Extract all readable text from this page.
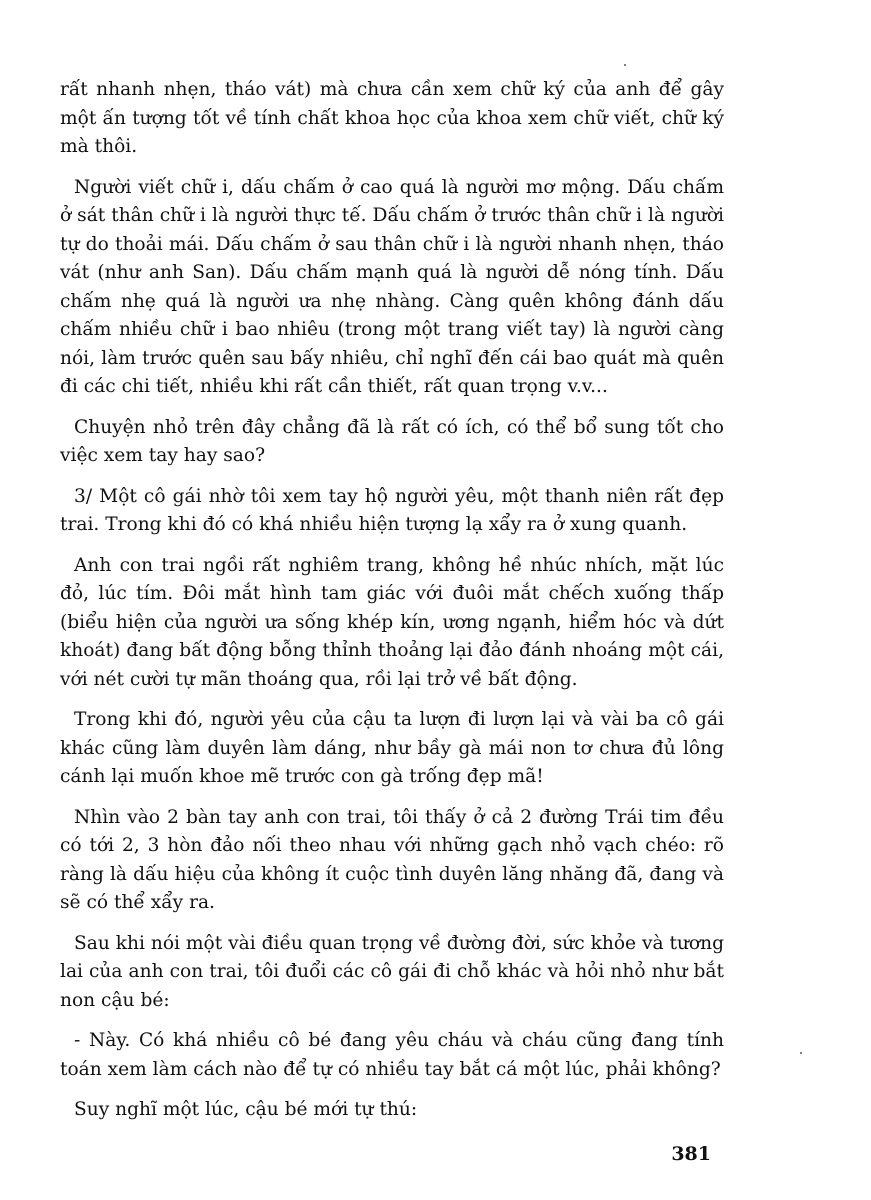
rất nhanh nhẹn, tháo vát) mà chưa cần xem chữ ký của anh để gây một ấn tượng tốt về tính chất khoa học của khoa xem chữ viết, chữ ký mà thôi.

Người viết chữ i, dấu chấm ở cao quá là người mơ mộng. Dấu chấm ở sát thân chữ i là người thực tế. Dấu chấm ở trước thân chữ i là người tự do thoải mái. Dấu chấm ở sau thân chữ i là người nhanh nhẹn, tháo vát (như anh San). Dấu chấm mạnh quá là người dễ nóng tính. Dấu chấm nhẹ quá là người ưa nhẹ nhàng. Càng quên không đánh dấu chấm nhiều chữ i bao nhiêu (trong một trang viết tay) là người càng nói, làm trước quên sau bấy nhiêu, chỉ nghĩ đến cái bao quát mà quên đi các chi tiết, nhiều khi rất cần thiết, rất quan trọng v.v...

Chuyện nhỏ trên đây chẳng đã là rất có ích, có thể bổ sung tốt cho việc xem tay hay sao?

3/ Một cô gái nhờ tôi xem tay hộ người yêu, một thanh niên rất đẹp trai. Trong khi đó có khá nhiều hiện tượng lạ xẩy ra ở xung quanh.

Anh con trai ngồi rất nghiêm trang, không hề nhúc nhích, mặt lúc đỏ, lúc tím. Đôi mắt hình tam giác với đuôi mắt chếch xuống thấp (biểu hiện của người ưa sống khép kín, ương ngạnh, hiểm hóc và dứt khoát) đang bất động bỗng thỉnh thoảng lại đảo đánh nhoáng một cái, với nét cười tự mãn thoáng qua, rồi lại trở về bất động.

Trong khi đó, người yêu của cậu ta lượn đi lượn lại và vài ba cô gái khác cũng làm duyên làm dáng, như bầy gà mái non tơ chưa đủ lông cánh lại muốn khoe mẽ trước con gà trống đẹp mã!

Nhìn vào 2 bàn tay anh con trai, tôi thấy ở cả 2 đường Trái tim đều có tới 2, 3 hòn đảo nối theo nhau với những gạch nhỏ vạch chéo: rõ ràng là dấu hiệu của không ít cuộc tình duyên lăng nhăng đã, đang và sẽ có thể xẩy ra.

Sau khi nói một vài điều quan trọng về đường đời, sức khỏe và tương lai của anh con trai, tôi đuổi các cô gái đi chỗ khác và hỏi nhỏ như bắt non cậu bé:

- Này. Có khá nhiều cô bé đang yêu cháu và cháu cũng đang tính toán xem làm cách nào để tự có nhiều tay bắt cá một lúc, phải không?

Suy nghĩ một lúc, cậu bé mới tự thú:

381
